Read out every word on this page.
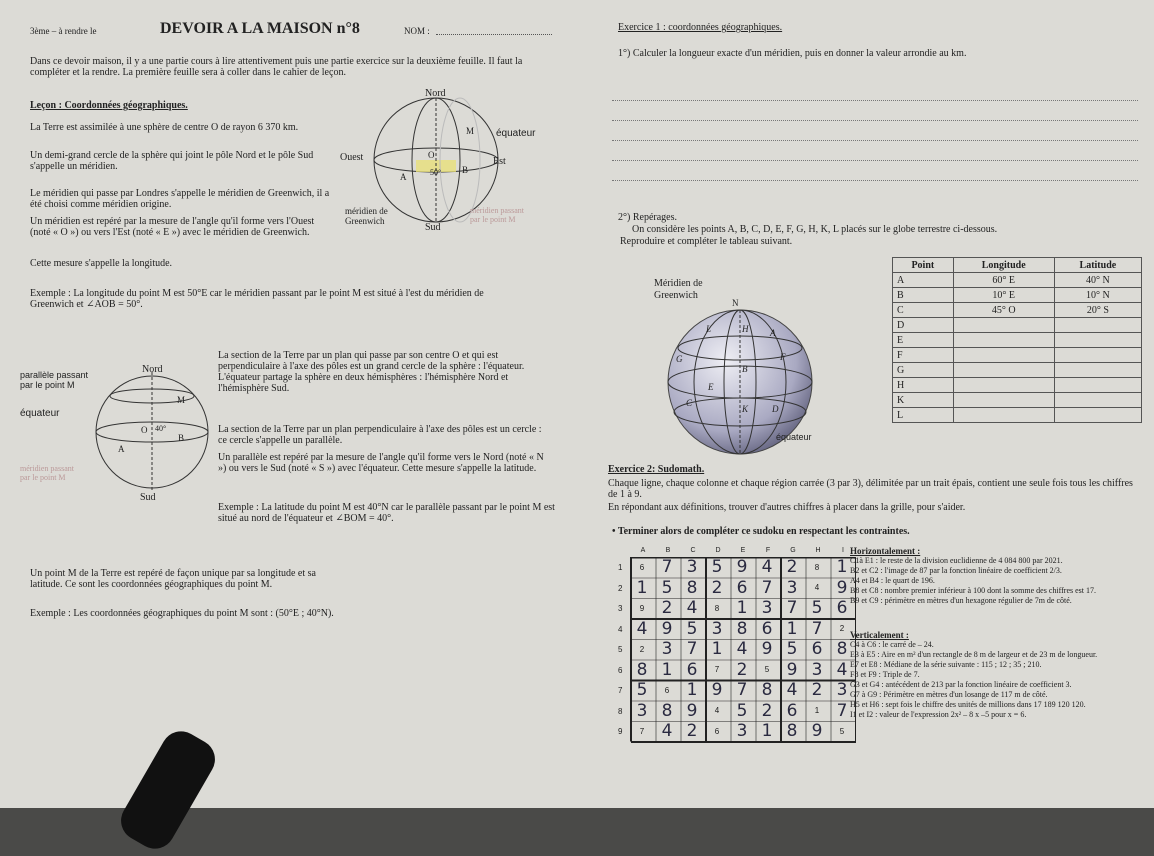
3ème – à rendre le	DEVOIR A LA MAISON n°8	NOM :
Dans ce devoir maison, il y a une partie cours à lire attentivement puis une partie exercice sur la deuxième feuille. Il faut la compléter et la rendre. La première feuille sera à coller dans le cahier de leçon.
Leçon : Coordonnées géographiques.
La Terre est assimilée à une sphère de centre O de rayon 6 370 km.
Un demi-grand cercle de la sphère qui joint le pôle Nord et le pôle Sud s'appelle un méridien.
Le méridien qui passe par Londres s'appelle le méridien de Greenwich, il a été choisi comme méridien origine.
Un méridien est repéré par la mesure de l'angle qu'il forme vers l'Ouest (noté « O ») ou vers l'Est (noté « E ») avec le méridien de Greenwich.
Cette mesure s'appelle la longitude.
Exemple : La longitude du point M est 50°E car le méridien passant par le point M est situé à l'est du méridien de Greenwich et ∠AOB = 50°.
Nord
Ouest	Est
Sud
équateur
méridien de
Greenwich
méridien passant
par le point M
50°
O
A
B
M
parallèle passant
par le point M
Nord
équateur
Sud
40°
méridien passant
par le point M
O
A
B
M
La section de la Terre par un plan qui passe par son centre O et qui est perpendiculaire à l'axe des pôles est un grand cercle de la sphère : l'équateur. L'équateur partage la sphère en deux hémisphères : l'hémisphère Nord et l'hémisphère Sud.
La section de la Terre par un plan perpendiculaire à l'axe des pôles est un cercle : ce cercle s'appelle un parallèle.
Un parallèle est repéré par la mesure de l'angle qu'il forme vers le Nord (noté « N ») ou vers le Sud (noté « S ») avec l'équateur. Cette mesure s'appelle la latitude.
Exemple : La latitude du point M est 40°N car le parallèle passant par le point M est situé au nord de l'équateur et ∠BOM = 40°.
Un point M de la Terre est repéré de façon unique par sa longitude et sa latitude. Ce sont les coordonnées géographiques du point M.
Exemple : Les coordonnées géographiques du point M sont : (50°E ; 40°N).
Exercice 1 : coordonnées géographiques.
1°) Calculer la longueur exacte d'un méridien, puis en donner la valeur arrondie au km.
2°) Repérages.
On considère les points A, B, C, D, E, F, G, H, K, L placés sur le globe terrestre ci-dessous.
Reproduire et compléter le tableau suivant.
Méridien de
Greenwich
N
L	H A
G
B
F
E
C
K	D
équateur
Point	Longitude	Latitude
A	60° E	40° N
B	10° E	10° N
C	45° O	20° S
D		
E		
F		
G		
H		
K		
L		
Exercice 2: Sudomath.
Chaque ligne, chaque colonne et chaque région carrée (3 par 3), délimitée par un trait épais, contient une seule fois tous les chiffres de 1 à 9.
En répondant aux définitions, trouver d'autres chiffres à placer dans la grille, pour s'aider.
• Terminer alors de compléter ce sudoku en respectant les contraintes.
A	B	C	D	E	F	G	H	I
1
2
3
4
5
6
7
8
9
6	7 3 5 9 4 2	8	1
1 5 8 2 6 7 3	4	9
9	2 4	8	1 3 7 5 6
4 9 5 3 8 6 1 7	2
2	3 7 1 4 9 5 6 8
8 1 6	7	2	5	9 3 4
5	6	1 9 7 8 4 2 3
3 8 9	4	5 2 6	1	7
7	4 2	6	3 1 8 9	5
Horizontalement :
C1à E1 : le reste de la division euclidienne de 4 084 800 par 2021.
B2 et C2 : l'image de 87 par la fonction linéaire de coefficient 2/3.
A4 et B4 : le quart de 196.
B8 et C8 : nombre premier inférieur à 100 dont la somme des chiffres est 17.
B9 et C9 : périmètre en mètres d'un hexagone régulier de 7m de côté.
Verticalement :
C4 à C6 : le carré de – 24.
E3 à E5 : Aire en m² d'un rectangle de 8 m de largeur et de 23 m de longueur.
E7 et E8 : Médiane de la série suivante : 115 ; 12 ; 35 ; 210.
F8 et F9 : Triple de 7.
G3 et G4 : antécédent de 213 par la fonction linéaire de coefficient 3.
G7 à G9 : Périmètre en mètres d'un losange de 117 m de côté.
H5 et H6 : sept fois le chiffre des unités de millions dans 17 189 120 120.
I1 et I2 : valeur de l'expression 2x² – 8 x –5 pour x = 6.
